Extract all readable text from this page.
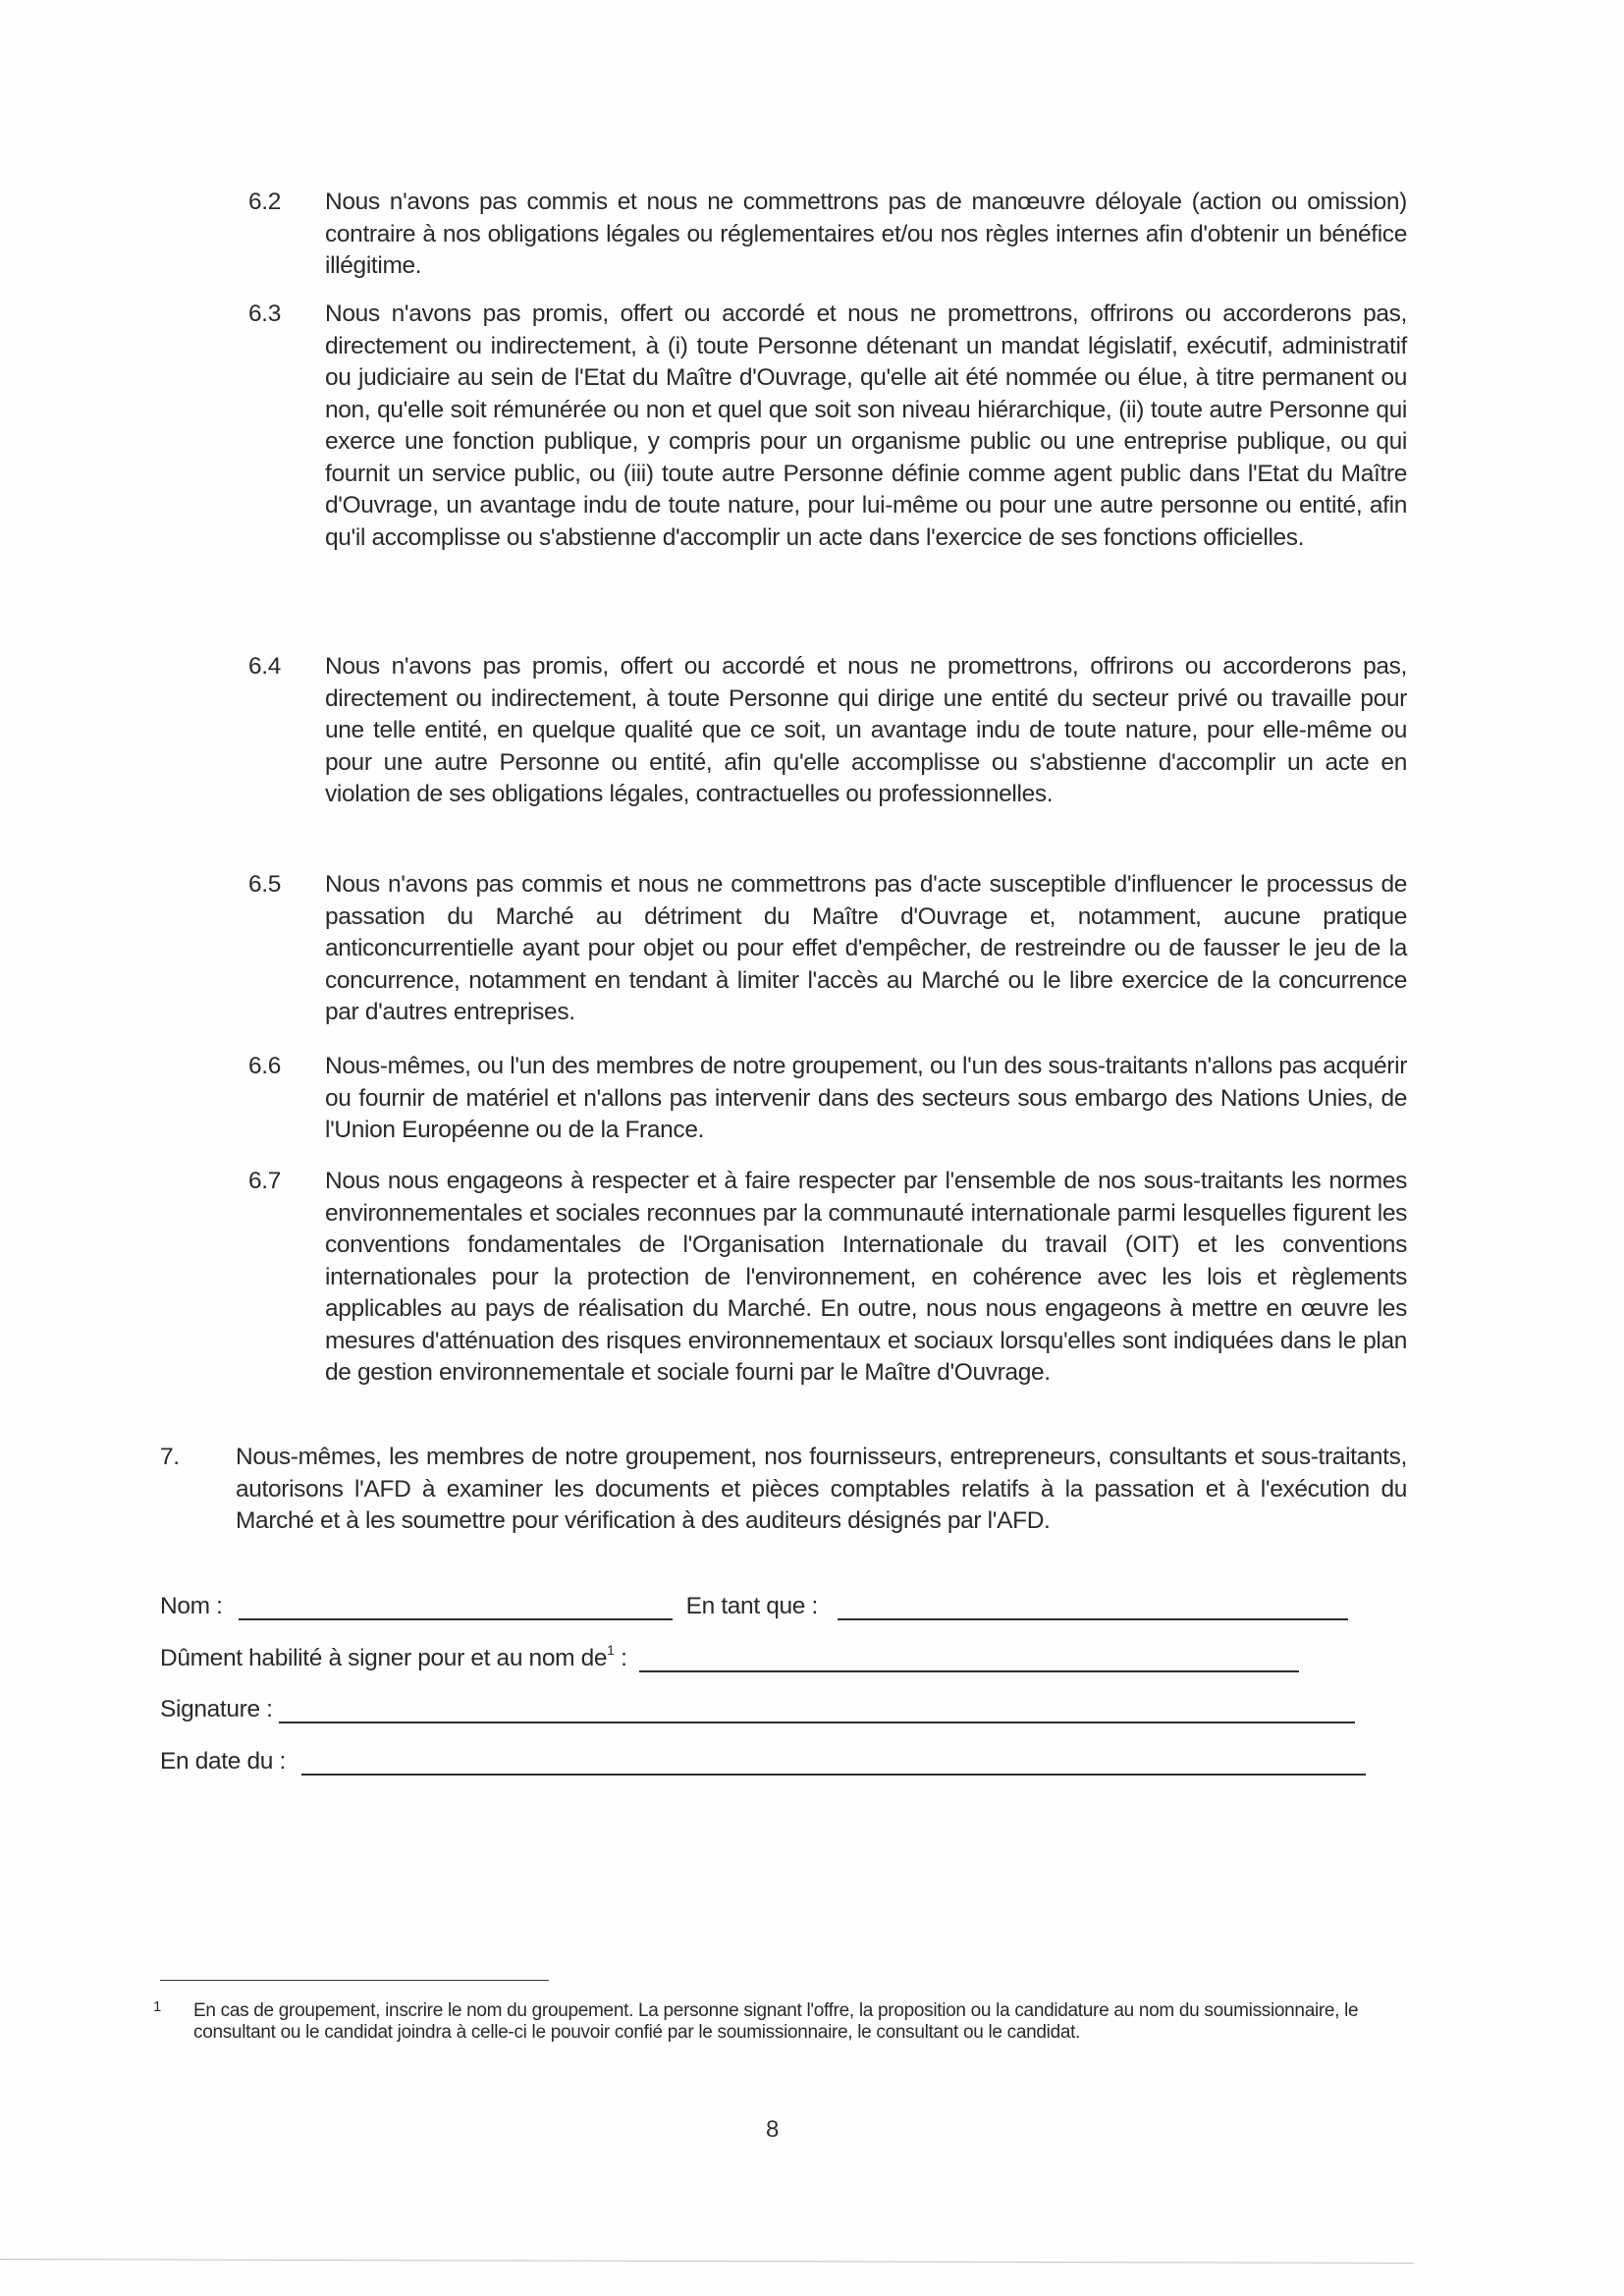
6.2	Nous n'avons pas commis et nous ne commettrons pas de manœuvre déloyale (action ou omission) contraire à nos obligations légales ou réglementaires et/ou nos règles internes afin d'obtenir un bénéfice illégitime.
6.3	Nous n'avons pas promis, offert ou accordé et nous ne promettrons, offrirons ou accorderons pas, directement ou indirectement, à (i) toute Personne détenant un mandat législatif, exécutif, administratif ou judiciaire au sein de l'Etat du Maître d'Ouvrage, qu'elle ait été nommée ou élue, à titre permanent ou non, qu'elle soit rémunérée ou non et quel que soit son niveau hiérarchique, (ii) toute autre Personne qui exerce une fonction publique, y compris pour un organisme public ou une entreprise publique, ou qui fournit un service public, ou (iii) toute autre Personne définie comme agent public dans l'Etat du Maître d'Ouvrage, un avantage indu de toute nature, pour lui-même ou pour une autre personne ou entité, afin qu'il accomplisse ou s'abstienne d'accomplir un acte dans l'exercice de ses fonctions officielles.
6.4	Nous n'avons pas promis, offert ou accordé et nous ne promettrons, offrirons ou accorderons pas, directement ou indirectement, à toute Personne qui dirige une entité du secteur privé ou travaille pour une telle entité, en quelque qualité que ce soit, un avantage indu de toute nature, pour elle-même ou pour une autre Personne ou entité, afin qu'elle accomplisse ou s'abstienne d'accomplir un acte en violation de ses obligations légales, contractuelles ou professionnelles.
6.5	Nous n'avons pas commis et nous ne commettrons pas d'acte susceptible d'influencer le processus de passation du Marché au détriment du Maître d'Ouvrage et, notamment, aucune pratique anticoncurrentielle ayant pour objet ou pour effet d'empêcher, de restreindre ou de fausser le jeu de la concurrence, notamment en tendant à limiter l'accès au Marché ou le libre exercice de la concurrence par d'autres entreprises.
6.6	Nous-mêmes, ou l'un des membres de notre groupement, ou l'un des sous-traitants n'allons pas acquérir ou fournir de matériel et n'allons pas intervenir dans des secteurs sous embargo des Nations Unies, de l'Union Européenne ou de la France.
6.7	Nous nous engageons à respecter et à faire respecter par l'ensemble de nos sous-traitants les normes environnementales et sociales reconnues par la communauté internationale parmi lesquelles figurent les conventions fondamentales de l'Organisation Internationale du travail (OIT) et les conventions internationales pour la protection de l'environnement, en cohérence avec les lois et règlements applicables au pays de réalisation du Marché. En outre, nous nous engageons à mettre en œuvre les mesures d'atténuation des risques environnementaux et sociaux lorsqu'elles sont indiquées dans le plan de gestion environnementale et sociale fourni par le Maître d'Ouvrage.
7.	Nous-mêmes, les membres de notre groupement, nos fournisseurs, entrepreneurs, consultants et sous-traitants, autorisons l'AFD à examiner les documents et pièces comptables relatifs à la passation et à l'exécution du Marché et à les soumettre pour vérification à des auditeurs désignés par l'AFD.
Nom :	En tant que :
Dûment habilité à signer pour et au nom $de^1$ :
Signature :
En date du :
1 En cas de groupement, inscrire le nom du groupement. La personne signant l'offre, la proposition ou la candidature au nom du soumissionnaire, le consultant ou le candidat joindra à celle-ci le pouvoir confié par le soumissionnaire, le consultant ou le candidat.
8
